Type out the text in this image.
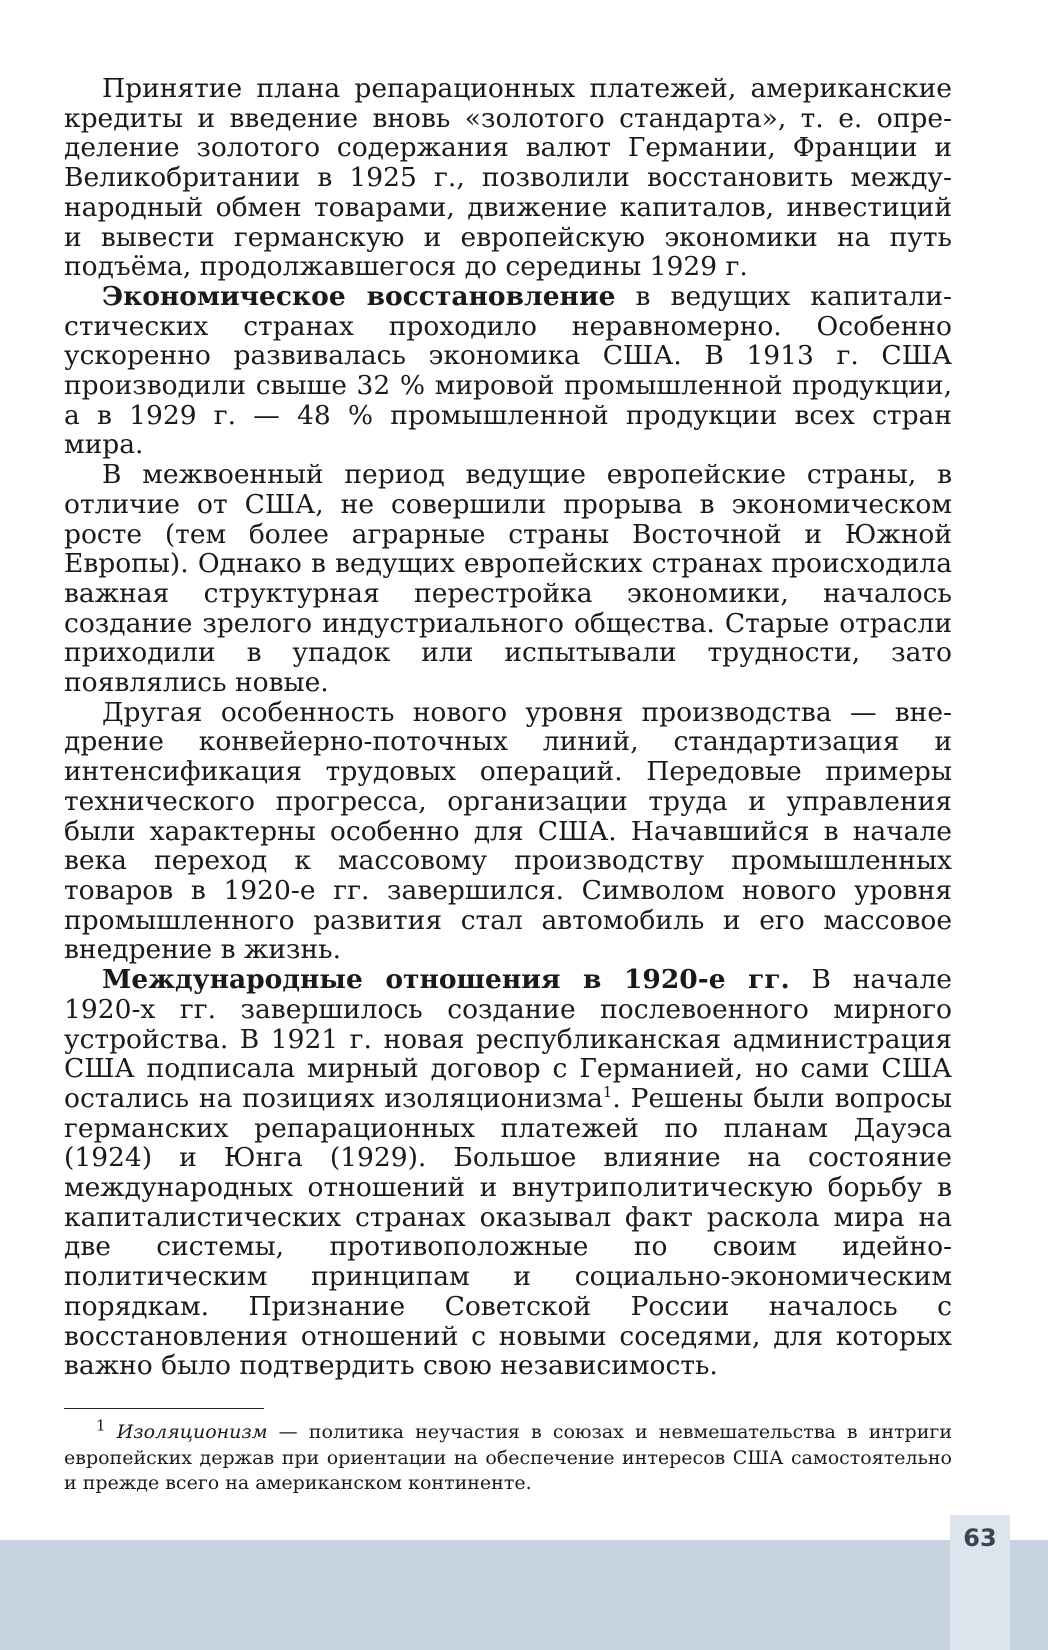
Принятие плана репарационных платежей, американские кредиты и введение вновь «золотого стандарта», т. е. определение золотого содержания валют Германии, Франции и Великобритании в 1925 г., позволили восстановить международный обмен товарами, движение капиталов, инвестиций и вывести германскую и европейскую экономики на путь подъёма, продолжавшегося до середины 1929 г.

Экономическое восстановление в ведущих капиталистических странах проходило неравномерно. Особенно ускоренно развивалась экономика США. В 1913 г. США производили свыше 32 % мировой промышленной продукции, а в 1929 г. — 48 % промышленной продукции всех стран мира.

В межвоенный период ведущие европейские страны, в отличие от США, не совершили прорыва в экономическом росте (тем более аграрные страны Восточной и Южной Европы). Однако в ведущих европейских странах происходила важная структурная перестройка экономики, началось создание зрелого индустриального общества. Старые отрасли приходили в упадок или испытывали трудности, зато появлялись новые.

Другая особенность нового уровня производства — внедрение конвейерно-поточных линий, стандартизация и интенсификация трудовых операций. Передовые примеры технического прогресса, организации труда и управления были характерны особенно для США. Начавшийся в начале века переход к массовому производству промышленных товаров в 1920-е гг. завершился. Символом нового уровня промышленного развития стал автомобиль и его массовое внедрение в жизнь.

Международные отношения в 1920-е гг. В начале 1920-х гг. завершилось создание послевоенного мирного устройства. В 1921 г. новая республиканская администрация США подписала мирный договор с Германией, но сами США остались на позициях изоляционизма$^1$. Решены были вопросы германских репарационных платежей по планам Дауэса (1924) и Юнга (1929). Большое влияние на состояние международных отношений и внутриполитическую борьбу в капиталистических странах оказывал факт раскола мира на две системы, противоположные по своим идейно-политическим принципам и социально-экономическим порядкам. Признание Советской России началось с восстановления отношений с новыми соседями, для которых важно было подтвердить свою независимость.

$^1$ Изоляционизм — политика неучастия в союзах и невмешательства в интриги европейских держав при ориентации на обеспечение интересов США самостоятельно и прежде всего на американском континенте.

63
